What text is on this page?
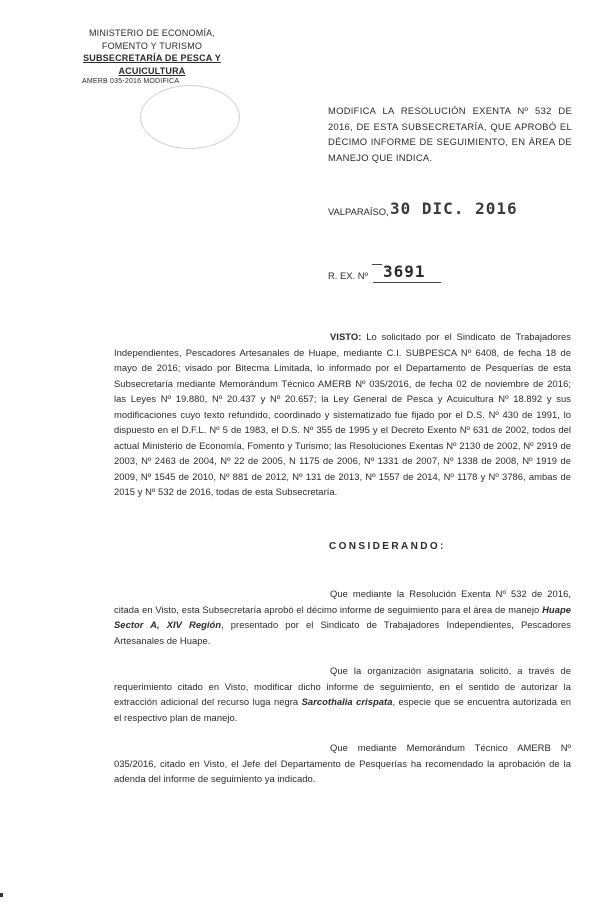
MINISTERIO DE ECONOMÍA,
FOMENTO Y TURISMO
SUBSECRETARÍA DE PESCA Y ACUICULTURA
AMERB 035-2016 MODIFICA
MODIFICA LA RESOLUCIÓN EXENTA Nº 532 DE 2016, DE ESTA SUBSECRETARÍA, QUE APROBÓ EL DÉCIMO INFORME DE SEGUIMIENTO, EN ÁREA DE MANEJO QUE INDICA.
VALPARAÍSO, 30 DIC. 2016
R. EX. Nº 3691
VISTO: Lo solicitado por el Sindicato de Trabajadores Independientes, Pescadores Artesanales de Huape, mediante C.I. SUBPESCA Nº 6408, de fecha 18 de mayo de 2016; visado por Bitecma Limitada, lo informado por el Departamento de Pesquerías de esta Subsecretaría mediante Memorándum Técnico AMERB Nº 035/2016, de fecha 02 de noviembre de 2016; las Leyes Nº 19.880, Nº 20.437 y Nº 20.657; la Ley General de Pesca y Acuicultura Nº 18.892 y sus modificaciones cuyo texto refundido, coordinado y sistematizado fue fijado por el D.S. Nº 430 de 1991, lo dispuesto en el D.F.L. Nº 5 de 1983, el D.S. Nº 355 de 1995 y el Decreto Exento Nº 631 de 2002, todos del actual Ministerio de Economía, Fomento y Turismo; las Resoluciones Exentas Nº 2130 de 2002, Nº 2919 de 2003, Nº 2463 de 2004, Nº 22 de 2005, N 1175 de 2006, Nº 1331 de 2007, Nº 1338 de 2008, Nº 1919 de 2009, Nº 1545 de 2010, Nº 881 de 2012, Nº 131 de 2013, Nº 1557 de 2014, Nº 1178 y Nº 3786, ambas de 2015 y Nº 532 de 2016, todas de esta Subsecretaría.
CONSIDERANDO:
Que mediante la Resolución Exenta Nº 532 de 2016, citada en Visto, esta Subsecretaría aprobó el décimo informe de seguimiento para el área de manejo Huape Sector A, XIV Región, presentado por el Sindicato de Trabajadores Independientes, Pescadores Artesanales de Huape.
Que la organización asignataria solicitó, a través de requerimiento citado en Visto, modificar dicho informe de seguimiento, en el sentido de autorizar la extracción adicional del recurso luga negra Sarcothalia crispata, especie que se encuentra autorizada en el respectivo plan de manejo.
Que mediante Memorándum Técnico AMERB Nº 035/2016, citado en Visto, el Jefe del Departamento de Pesquerías ha recomendado la aprobación de la adenda del informe de seguimiento ya indicado.
